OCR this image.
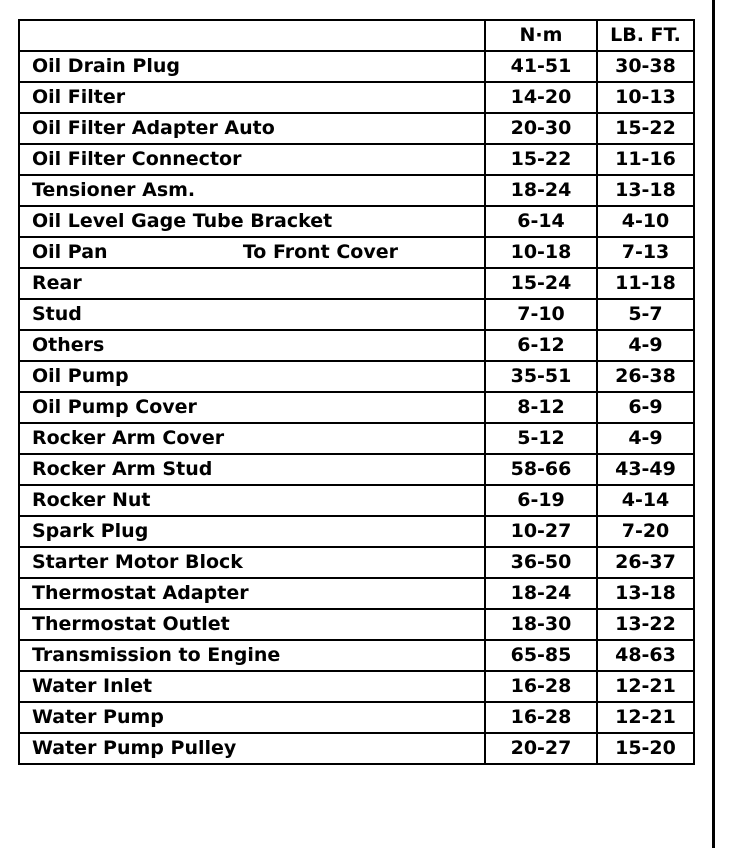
	N·m	LB. FT.
Oil Drain Plug	41-51	30-38
Oil Filter	14-20	10-13
Oil Filter Adapter Auto	20-30	15-22
Oil Filter Connector	15-22	11-16
Tensioner Asm.	18-24	13-18
Oil Level Gage Tube Bracket	6-14	4-10

Oil Pan To Front Cover	10-18	7-13
Rear	15-24	11-18
Stud	7-10	5-7
Others	6-12	4-9
Oil Pump	35-51	26-38
Oil Pump Cover	8-12	6-9
Rocker Arm Cover	5-12	4-9
Rocker Arm Stud	58-66	43-49
Rocker Nut	6-19	4-14
Spark Plug	10-27	7-20
Starter Motor Block	36-50	26-37
Thermostat Adapter	18-24	13-18
Thermostat Outlet	18-30	13-22
Transmission to Engine	65-85	48-63
Water Inlet	16-28	12-21
Water Pump	16-28	12-21
Water Pump Pulley	20-27	15-20
